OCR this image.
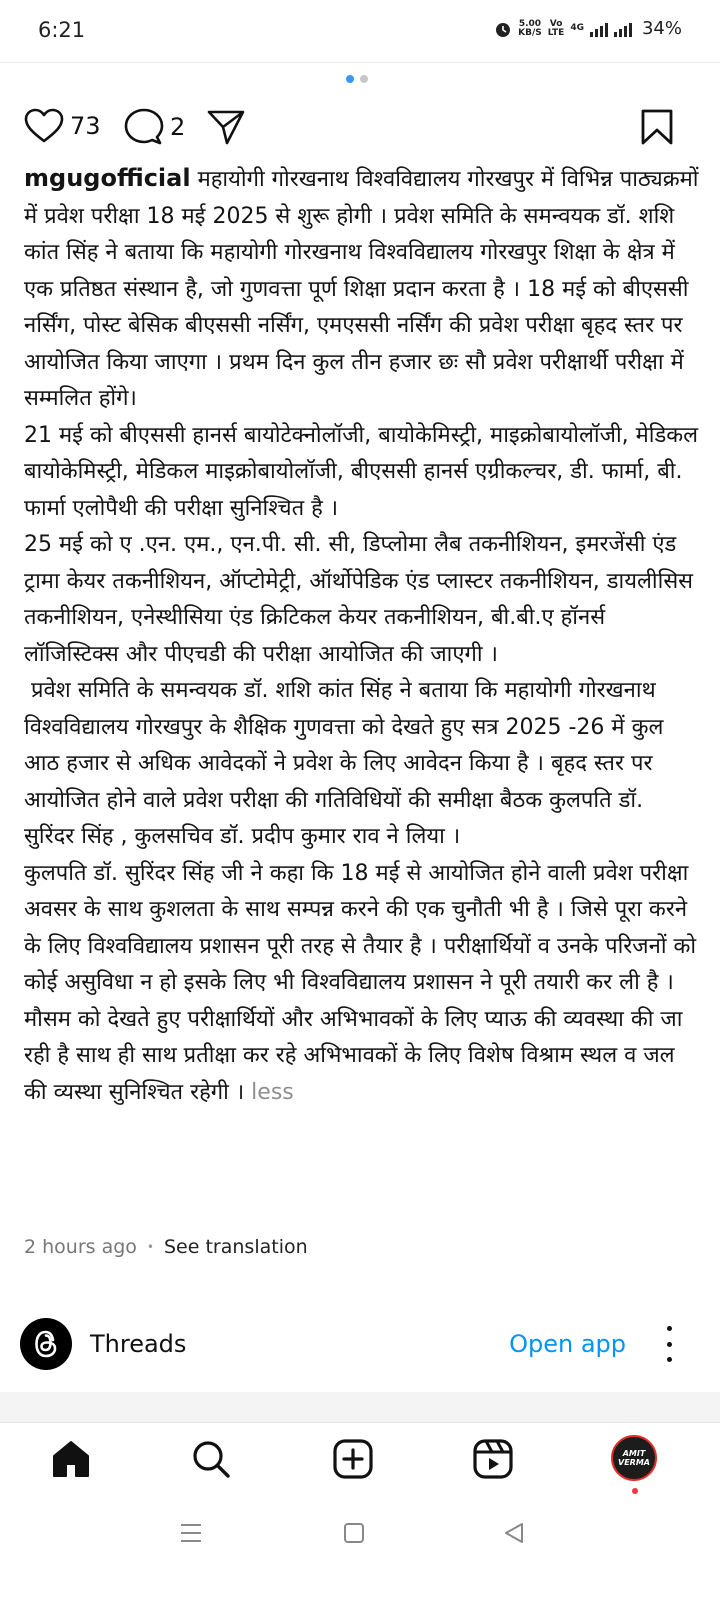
6:21	5.00
KB/S
Vo
LTE 4G	34%
73	2

mgugofficial महायोगी गोरखनाथ विश्वविद्यालय गोरखपुर में विभिन्न पाठ्यक्रमों में प्रवेश परीक्षा 18 मई 2025 से शुरू होगी । प्रवेश समिति के समन्वयक डॉ. शशि कांत सिंह ने बताया कि महायोगी गोरखनाथ विश्वविद्यालय गोरखपुर शिक्षा के क्षेत्र में एक प्रतिष्ठत संस्थान है, जो गुणवत्ता पूर्ण शिक्षा प्रदान करता है । 18 मई को बीएससी नर्सिंग, पोस्ट बेसिक बीएससी नर्सिंग, एमएससी नर्सिंग की प्रवेश परीक्षा बृहद स्तर पर आयोजित किया जाएगा । प्रथम दिन कुल तीन हजार छः सौ प्रवेश परीक्षार्थी परीक्षा में सम्मलित होंगे।

21 मई को बीएससी हानर्स बायोटेक्नोलॉजी, बायोकेमिस्ट्री, माइक्रोबायोलॉजी, मेडिकल बायोकेमिस्ट्री, मेडिकल माइक्रोबायोलॉजी, बीएससी हानर्स एग्रीकल्चर, डी. फार्मा, बी. फार्मा एलोपैथी की परीक्षा सुनिश्चित है ।

25 मई को ए .एन. एम., एन.पी. सी. सी, डिप्लोमा लैब तकनीशियन, इमरजेंसी एंड ट्रामा केयर तकनीशियन, ऑप्टोमेट्री, ऑर्थोपेडिक एंड प्लास्टर तकनीशियन, डायलीसिस तकनीशियन, एनेस्थीसिया एंड क्रिटिकल केयर तकनीशियन, बी.बी.ए हॉनर्स लॉजिस्टिक्स और पीएचडी की परीक्षा आयोजित की जाएगी ।

प्रवेश समिति के समन्वयक डॉ. शशि कांत सिंह ने बताया कि महायोगी गोरखनाथ विश्वविद्यालय गोरखपुर के शैक्षिक गुणवत्ता को देखते हुए सत्र 2025 -26 में कुल आठ हजार से अधिक आवेदकों ने प्रवेश के लिए आवेदन किया है । बृहद स्तर पर आयोजित होने वाले प्रवेश परीक्षा की गतिविधियों की समीक्षा बैठक कुलपति डॉ. सुरिंदर सिंह , कुलसचिव डॉ. प्रदीप कुमार राव ने लिया ।

कुलपति डॉ. सुरिंदर सिंह जी ने कहा कि 18 मई से आयोजित होने वाली प्रवेश परीक्षा अवसर के साथ कुशलता के साथ सम्पन्न करने की एक चुनौती भी है । जिसे पूरा करने के लिए विश्वविद्यालय प्रशासन पूरी तरह से तैयार है । परीक्षार्थियों व उनके परिजनों को कोई असुविधा न हो इसके लिए भी विश्वविद्यालय प्रशासन ने पूरी तयारी कर ली है । मौसम को देखते हुए परीक्षार्थियों और अभिभावकों के लिए प्याऊ की व्यवस्था की जा रही है साथ ही साथ प्रतीक्षा कर रहे अभिभावकों के लिए विशेष विश्राम स्थल व जल की व्यस्था सुनिश्चित रहेगी । less

2 hours ago • See translation
Threads	Open app
AMIT
VERMA
